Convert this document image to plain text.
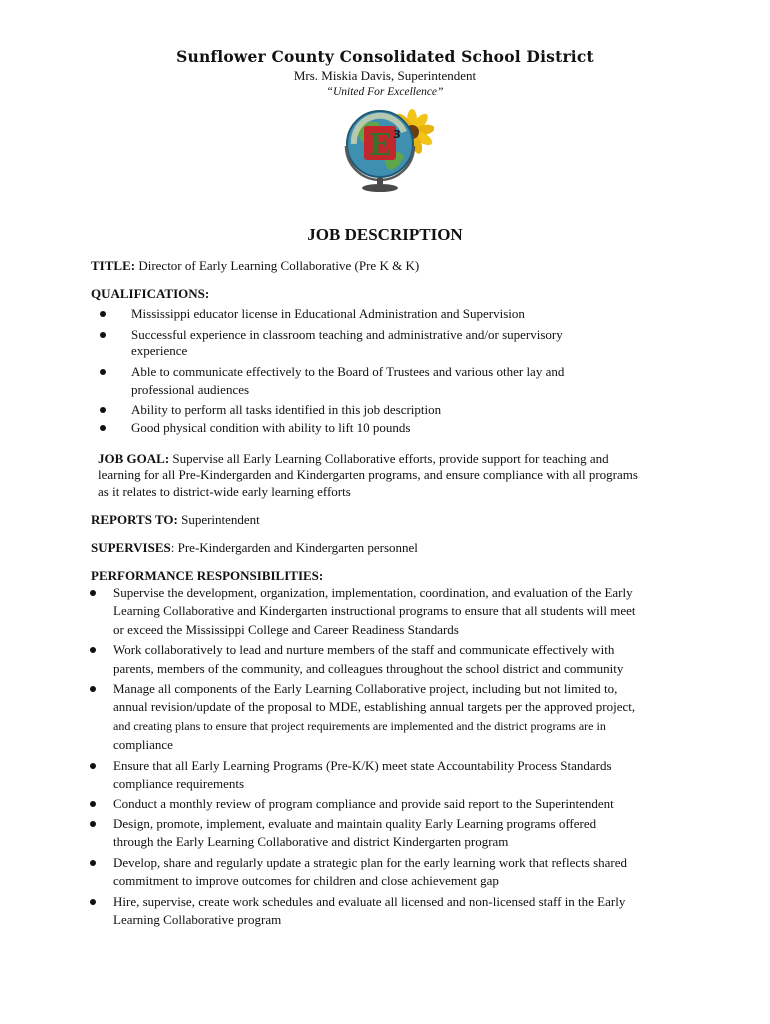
Sunflower County Consolidated School District
Mrs. Miskia Davis, Superintendent
“United For Excellence”
E 3
JOB DESCRIPTION
TITLE: Director of Early Learning Collaborative (Pre K & K)
QUALIFICATIONS:
Mississippi educator license in Educational Administration and Supervision
Successful experience in classroom teaching and administrative and/or supervisory
experience
Able to communicate effectively to the Board of Trustees and various other lay and
professional audiences
Ability to perform all tasks identified in this job description
Good physical condition with ability to lift 10 pounds
JOB GOAL: Supervise all Early Learning Collaborative efforts, provide support for teaching and
learning for all Pre-Kindergarden and Kindergarten programs, and ensure compliance with all programs
as it relates to district-wide early learning efforts
REPORTS TO: Superintendent
SUPERVISES: Pre-Kindergarden and Kindergarten personnel
PERFORMANCE RESPONSIBILITIES:
Supervise the development, organization, implementation, coordination, and evaluation of the Early
Learning Collaborative and Kindergarten instructional programs to ensure that all students will meet
or exceed the Mississippi College and Career Readiness Standards
Work collaboratively to lead and nurture members of the staff and communicate effectively with
parents, members of the community, and colleagues throughout the school district and community
Manage all components of the Early Learning Collaborative project, including but not limited to,
annual revision/update of the proposal to MDE, establishing annual targets per the approved project,
and creating plans to ensure that project requirements are implemented and the district programs are in
compliance
Ensure that all Early Learning Programs (Pre-K/K) meet state Accountability Process Standards
compliance requirements
Conduct a monthly review of program compliance and provide said report to the Superintendent
Design, promote, implement, evaluate and maintain quality Early Learning programs offered
through the Early Learning Collaborative and district Kindergarten program
Develop, share and regularly update a strategic plan for the early learning work that reflects shared
commitment to improve outcomes for children and close achievement gap
Hire, supervise, create work schedules and evaluate all licensed and non-licensed staff in the Early
Learning Collaborative program
